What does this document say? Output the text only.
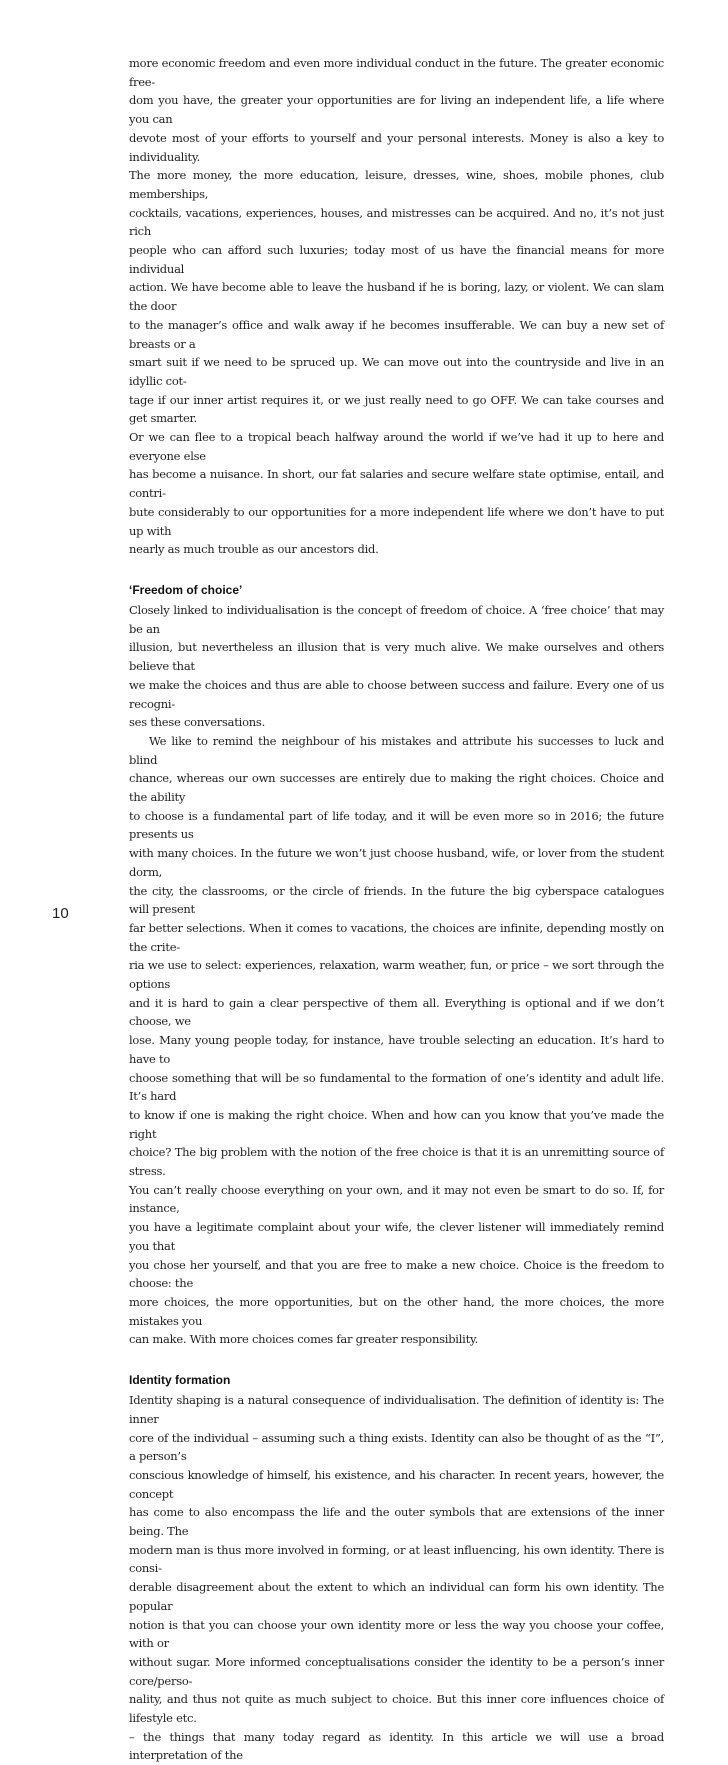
more economic freedom and even more individual conduct in the future. The greater economic free-
dom you have, the greater your opportunities are for living an independent life, a life where you can
devote most of your efforts to yourself and your personal interests. Money is also a key to individuality.
The more money, the more education, leisure, dresses, wine, shoes, mobile phones, club memberships,
cocktails, vacations, experiences, houses, and mistresses can be acquired. And no, it’s not just rich
people who can afford such luxuries; today most of us have the financial means for more individual
action. We have become able to leave the husband if he is boring, lazy, or violent. We can slam the door
to the manager’s office and walk away if he becomes insufferable. We can buy a new set of breasts or a
smart suit if we need to be spruced up. We can move out into the countryside and live in an idyllic cot-
tage if our inner artist requires it, or we just really need to go OFF. We can take courses and get smarter.
Or we can flee to a tropical beach halfway around the world if we’ve had it up to here and everyone else
has become a nuisance. In short, our fat salaries and secure welfare state optimise, entail, and contri-
bute considerably to our opportunities for a more independent life where we don’t have to put up with
nearly as much trouble as our ancestors did.

‘Freedom of choice’

Closely linked to individualisation is the concept of freedom of choice. A ‘free choice’ that may be an
illusion, but nevertheless an illusion that is very much alive. We make ourselves and others believe that
we make the choices and thus are able to choose between success and failure. Every one of us recogni-
ses these conversations.

We like to remind the neighbour of his mistakes and attribute his successes to luck and blind
chance, whereas our own successes are entirely due to making the right choices. Choice and the ability
to choose is a fundamental part of life today, and it will be even more so in 2016; the future presents us
with many choices. In the future we won’t just choose husband, wife, or lover from the student dorm,
the city, the classrooms, or the circle of friends. In the future the big cyberspace catalogues will present
far better selections. When it comes to vacations, the choices are infinite, depending mostly on the crite-
ria we use to select: experiences, relaxation, warm weather, fun, or price – we sort through the options
and it is hard to gain a clear perspective of them all. Everything is optional and if we don’t choose, we
lose. Many young people today, for instance, have trouble selecting an education. It’s hard to have to
choose something that will be so fundamental to the formation of one’s identity and adult life. It’s hard
to know if one is making the right choice. When and how can you know that you’ve made the right
choice? The big problem with the notion of the free choice is that it is an unremitting source of stress.
You can’t really choose everything on your own, and it may not even be smart to do so. If, for instance,
you have a legitimate complaint about your wife, the clever listener will immediately remind you that
you chose her yourself, and that you are free to make a new choice. Choice is the freedom to choose: the
more choices, the more opportunities, but on the other hand, the more choices, the more mistakes you
can make. With more choices comes far greater responsibility.

Identity formation

Identity shaping is a natural consequence of individualisation. The definition of identity is: The inner
core of the individual – assuming such a thing exists. Identity can also be thought of as the “I”, a person’s
conscious knowledge of himself, his existence, and his character. In recent years, however, the concept
has come to also encompass the life and the outer symbols that are extensions of the inner being. The
modern man is thus more involved in forming, or at least influencing, his own identity. There is consi-
derable disagreement about the extent to which an individual can form his own identity. The popular
notion is that you can choose your own identity more or less the way you choose your coffee, with or
without sugar. More informed conceptualisations consider the identity to be a person’s inner core/perso-
nality, and thus not quite as much subject to choice. But this inner core influences choice of lifestyle etc.
– the things that many today regard as identity. In this article we will use a broad interpretation of the

10
